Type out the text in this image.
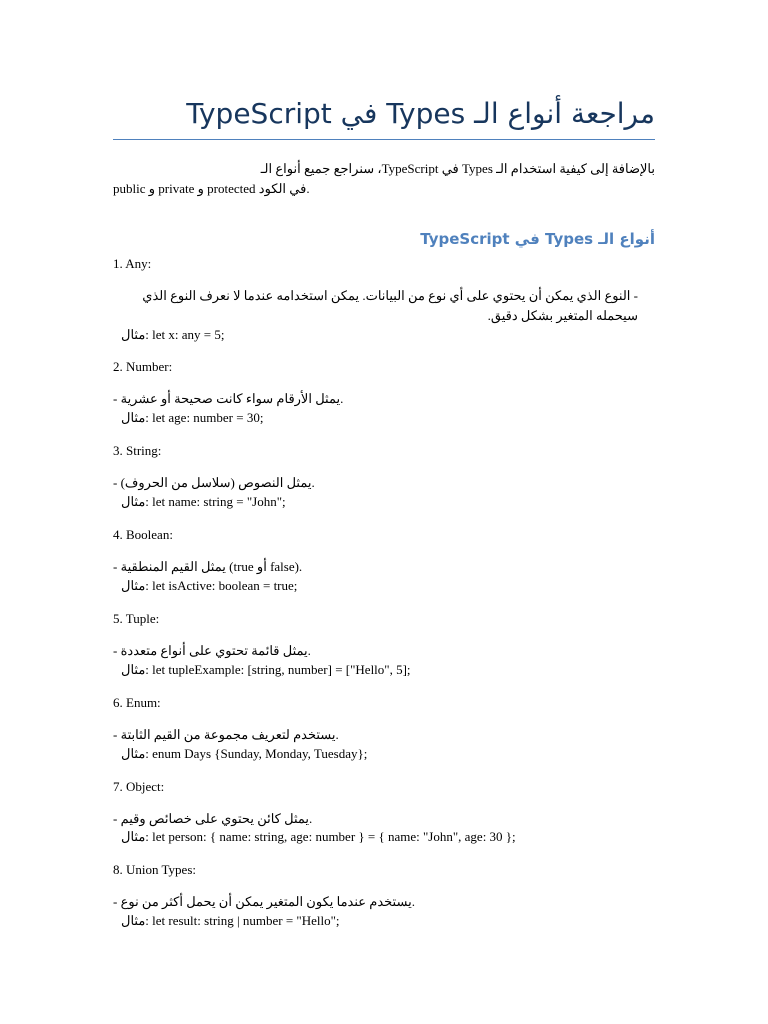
مراجعة أنواع الـ Types في TypeScript
بالإضافة إلى كيفية استخدام الـ Types في TypeScript، سنراجع جميع أنواع الـ
public و private و protected في الكود.
أنواع الـ Types في TypeScript
1. Any:
- النوع الذي يمكن أن يحتوي على أي نوع من البيانات. يمكن استخدامه عندما لا نعرف النوع الذي سيحمله المتغير بشكل دقيق.
مثال: let x: any = 5;
2. Number:
- يمثل الأرقام سواء كانت صحيحة أو عشرية.
مثال: let age: number = 30;
3. String:
- يمثل النصوص (سلاسل من الحروف).
مثال: let name: string = "John";
4. Boolean:
- يمثل القيم المنطقية (true أو false).
مثال: let isActive: boolean = true;
5. Tuple:
- يمثل قائمة تحتوي على أنواع متعددة.
مثال: let tupleExample: [string, number] = ["Hello", 5];
6. Enum:
- يستخدم لتعريف مجموعة من القيم الثابتة.
مثال: enum Days {Sunday, Monday, Tuesday};
7. Object:
- يمثل كائن يحتوي على خصائص وقيم.
مثال: let person: { name: string, age: number } = { name: "John", age: 30 };
8. Union Types:
- يستخدم عندما يكون المتغير يمكن أن يحمل أكثر من نوع.
مثال: let result: string | number = "Hello";
